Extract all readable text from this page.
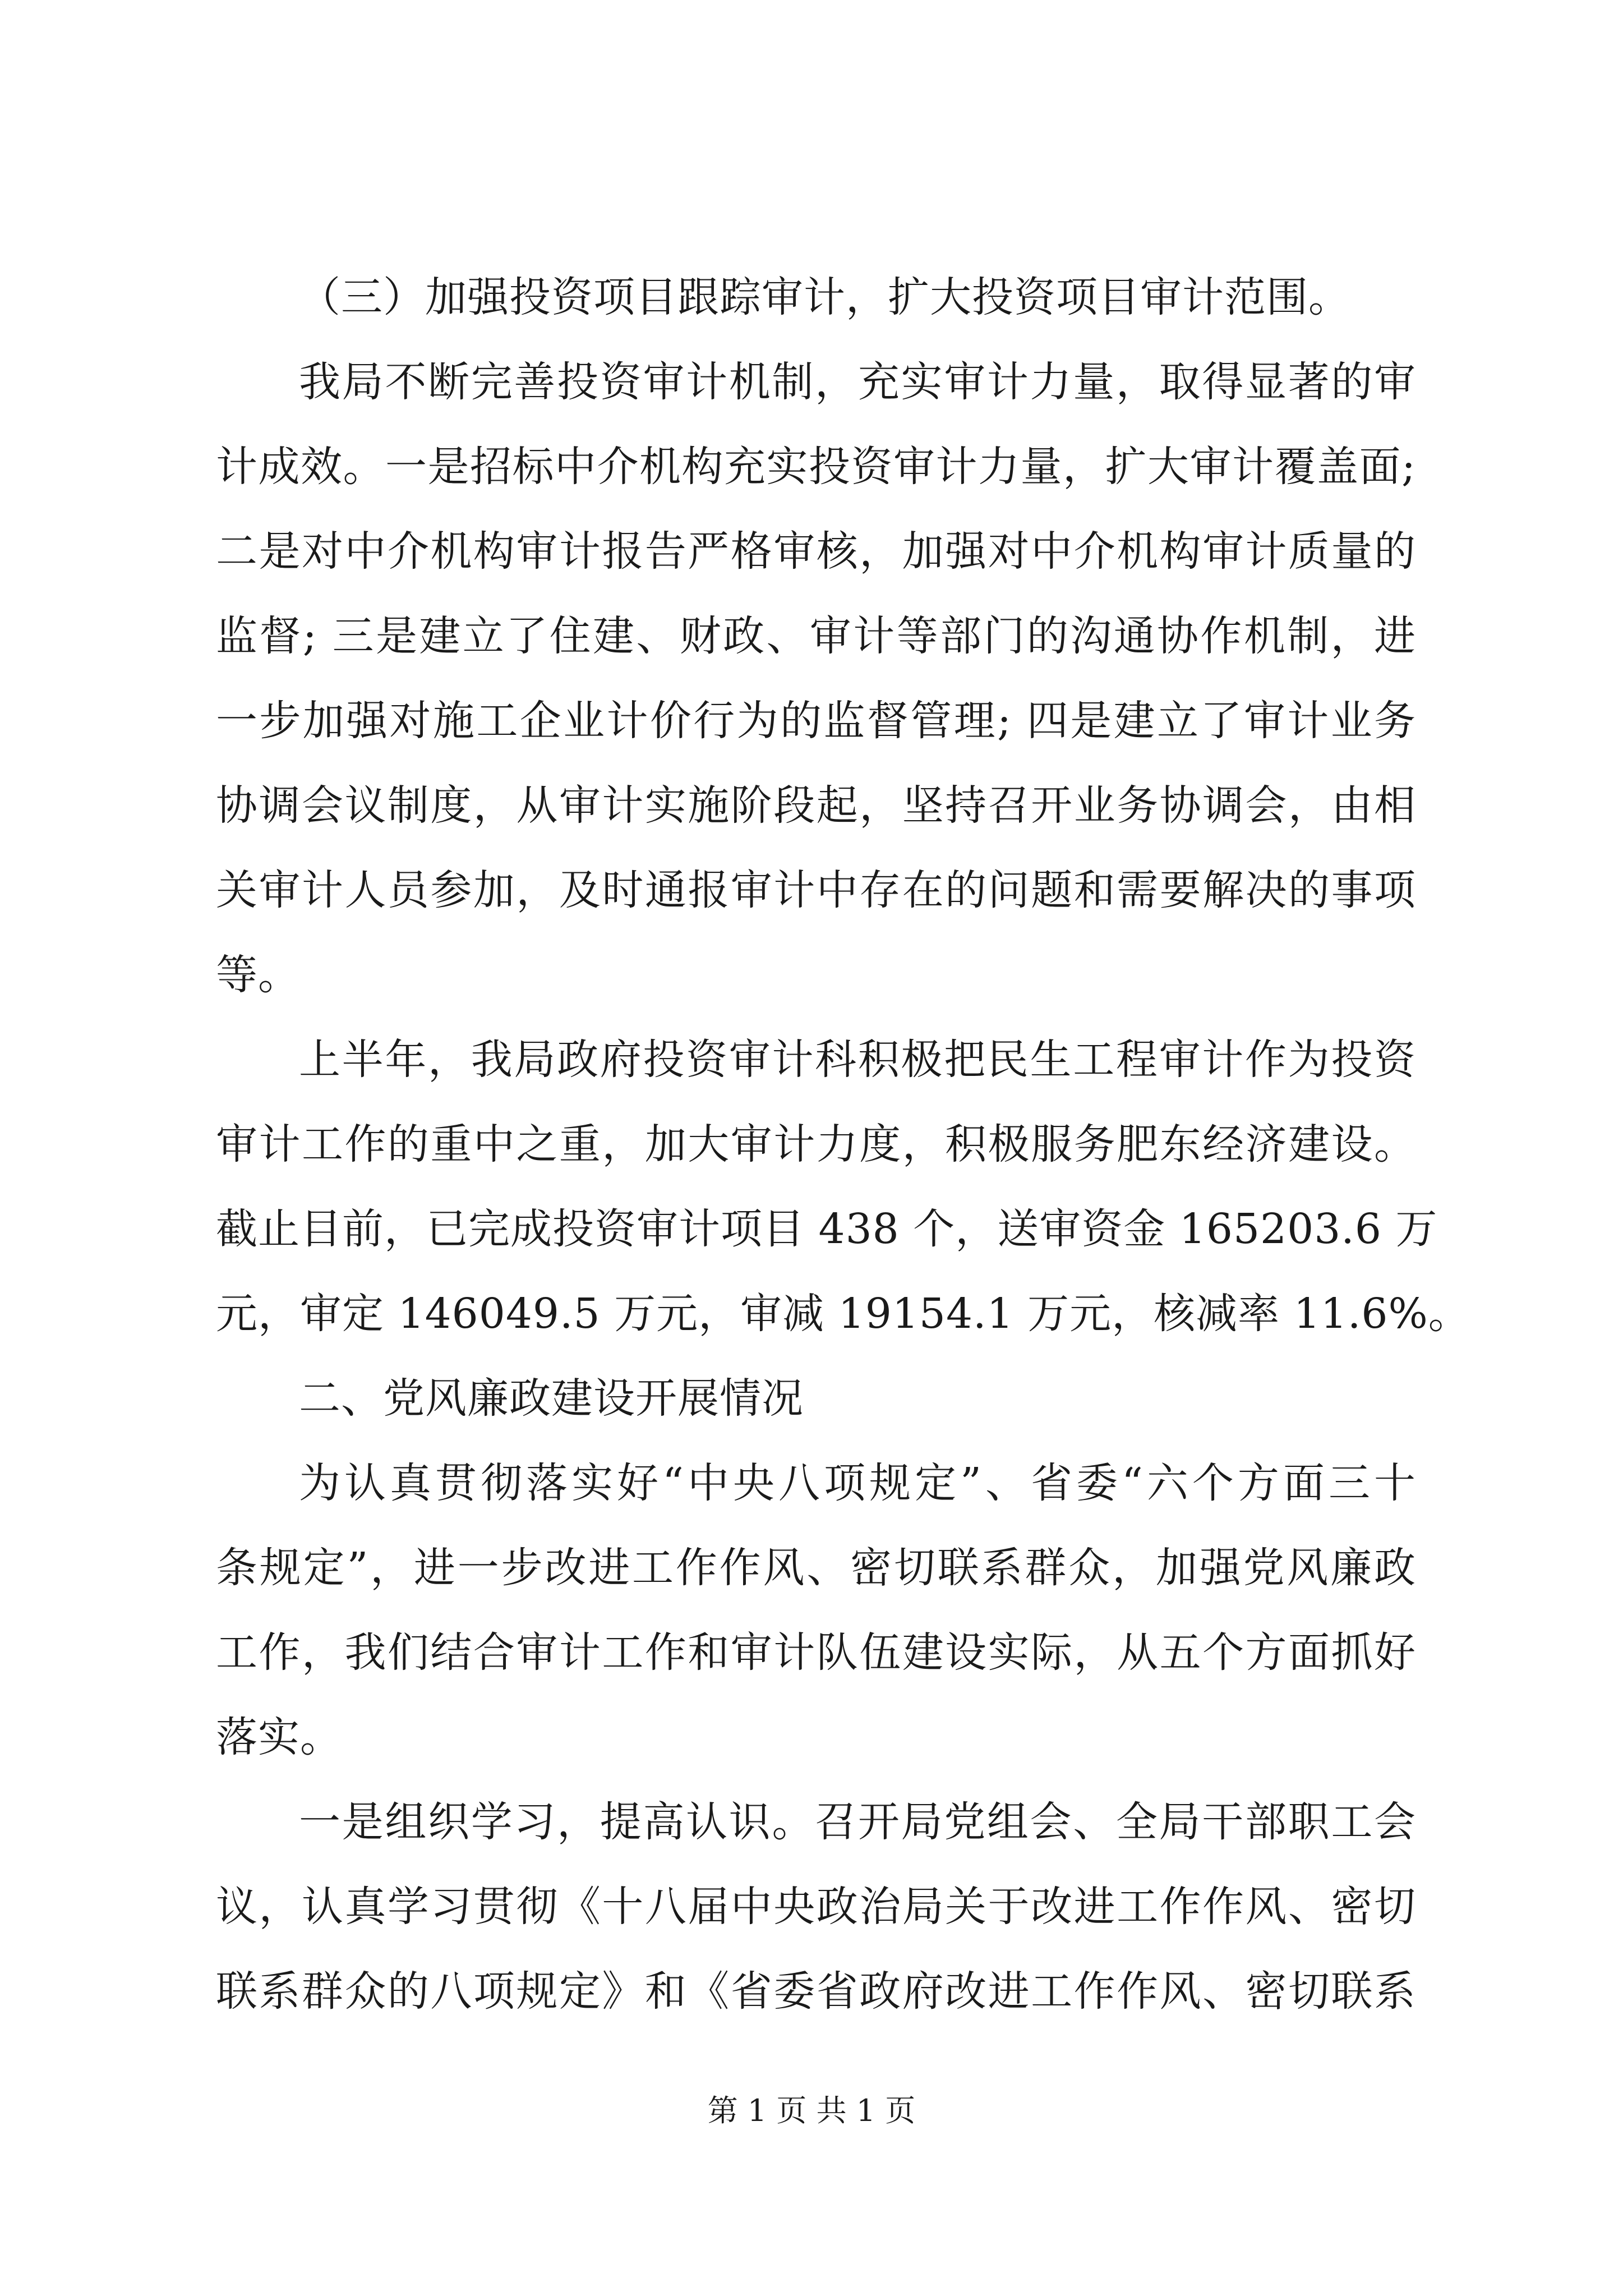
（三）加强投资项目跟踪审计，扩大投资项目审计范围。
我局不断完善投资审计机制，充实审计力量，取得显著的审
计成效。一是招标中介机构充实投资审计力量，扩大审计覆盖面;
二是对中介机构审计报告严格审核，加强对中介机构审计质量的
监督; 三是建立了住建、财政、审计等部门的沟通协作机制，进
一步加强对施工企业计价行为的监督管理; 四是建立了审计业务
协调会议制度，从审计实施阶段起，坚持召开业务协调会，由相
关审计人员参加，及时通报审计中存在的问题和需要解决的事项
等。
上半年，我局政府投资审计科积极把民生工程审计作为投资
审计工作的重中之重，加大审计力度，积极服务肥东经济建设。
截止目前，已完成投资审计项目 438 个，送审资金 165203.6 万
元，审定 146049.5 万元，审减 19154.1 万元，核减率 11.6%。
二、党风廉政建设开展情况
为认真贯彻落实好“中央八项规定”、省委“六个方面三十
条规定”，进一步改进工作作风、密切联系群众，加强党风廉政
工作，我们结合审计工作和审计队伍建设实际，从五个方面抓好
落实。
一是组织学习，提高认识。召开局党组会、全局干部职工会
议，认真学习贯彻《十八届中央政治局关于改进工作作风、密切
联系群众的八项规定》和《省委省政府改进工作作风、密切联系
第 1 页 共 1 页
